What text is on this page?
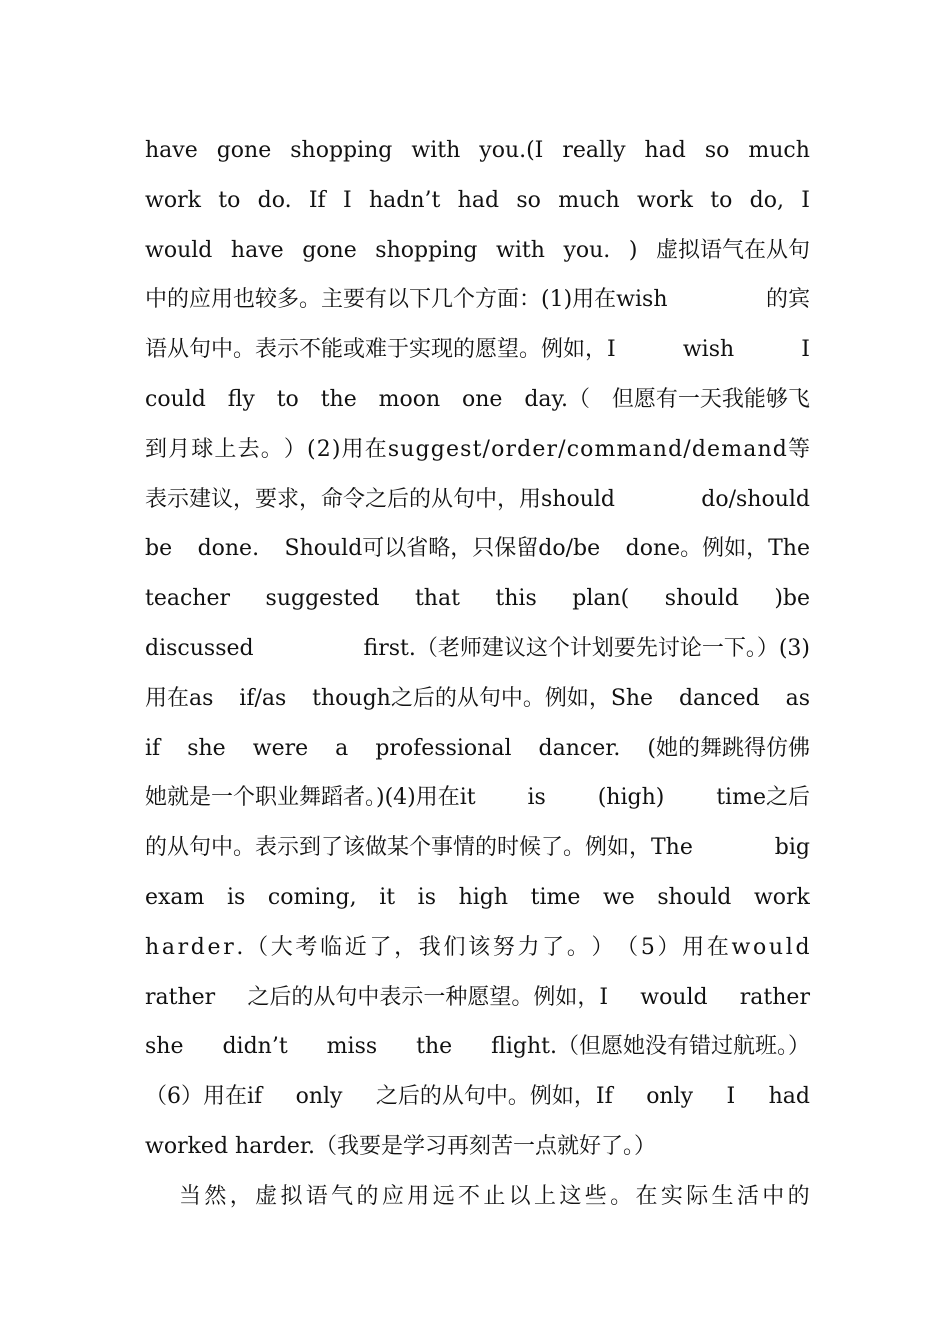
have gone shopping with you.(I really had so much
work to do. If I hadn’t had so much work to do, I
would have gone shopping with you. ) 虚拟语气在从句
中的应用也较多。主要有以下几个方面：(1)用在wish	的宾
语从句中。表示不能或难于实现的愿望。例如，I	wish	I
could fly to the moon one day.（ 但愿有一天我能够飞
到 月 球 上 去 。 ） ( 2 ) 用 在 s u g g e s t / o r d e r / c o m m a n d / d e m a n d 等
表示建议，要求，命令之后的从句中，用should	do/should
be done. Should可以省略，只保留do/be done。例如，The
teacher suggested that this plan( should )be
discussed	first.（老师建议这个计划要先讨论一下。）(3)
用在as if/as though之后的从句中。例如，She danced as
if she were a professional dancer. (她的舞跳得仿佛
她就是一个职业舞蹈者。)(4)用在it is (high) time之后
的从句中。表示到了该做某个事情的时候了。例如，The	big
exam is coming, it is high time we should work
h a r d e r . （ 大 考 临 近 了 ， 我 们 该 努 力 了 。 ） （ 5 ） 用 在 w o u l d
rather 之后的从句中表示一种愿望。例如，I would rather
she didn’t miss the flight.（但愿她没有错过航班。）
（6）用在if only 之后的从句中。例如，If only I had
worked harder.（我要是学习再刻苦一点就好了。）
当 然 ， 虚 拟 语 气 的 应 用 远 不 止 以 上 这 些 。 在 实 际 生 活 中 的
